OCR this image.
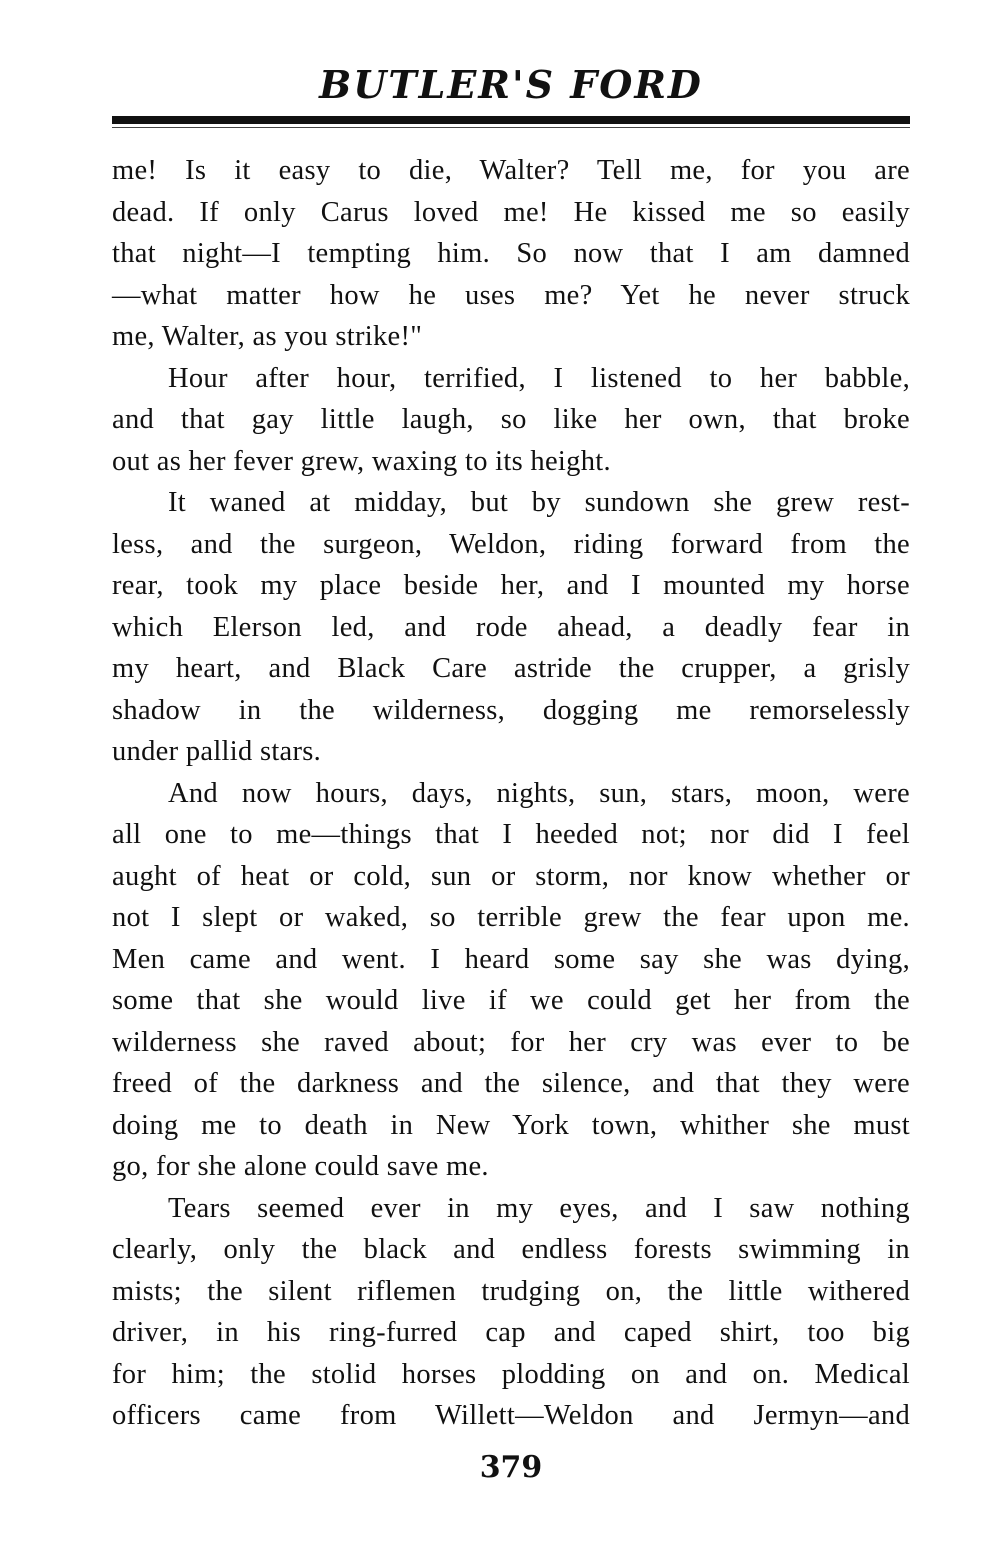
BUTLER'S FORD
me! Is it easy to die, Walter? Tell me, for you are
dead. If only Carus loved me! He kissed me so easily
that night—I tempting him. So now that I am damned
—what matter how he uses me? Yet he never struck
me, Walter, as you strike!"
Hour after hour, terrified, I listened to her babble,
and that gay little laugh, so like her own, that broke
out as her fever grew, waxing to its height.
It waned at midday, but by sundown she grew rest-
less, and the surgeon, Weldon, riding forward from the
rear, took my place beside her, and I mounted my horse
which Elerson led, and rode ahead, a deadly fear in
my heart, and Black Care astride the crupper, a grisly
shadow in the wilderness, dogging me remorselessly
under pallid stars.
And now hours, days, nights, sun, stars, moon, were
all one to me—things that I heeded not; nor did I feel
aught of heat or cold, sun or storm, nor know whether or
not I slept or waked, so terrible grew the fear upon me.
Men came and went. I heard some say she was dying,
some that she would live if we could get her from the
wilderness she raved about; for her cry was ever to be
freed of the darkness and the silence, and that they were
doing me to death in New York town, whither she must
go, for she alone could save me.
Tears seemed ever in my eyes, and I saw nothing
clearly, only the black and endless forests swimming in
mists; the silent riflemen trudging on, the little withered
driver, in his ring-furred cap and caped shirt, too big
for him; the stolid horses plodding on and on. Medical
officers came from Willett—Weldon and Jermyn—and
379
